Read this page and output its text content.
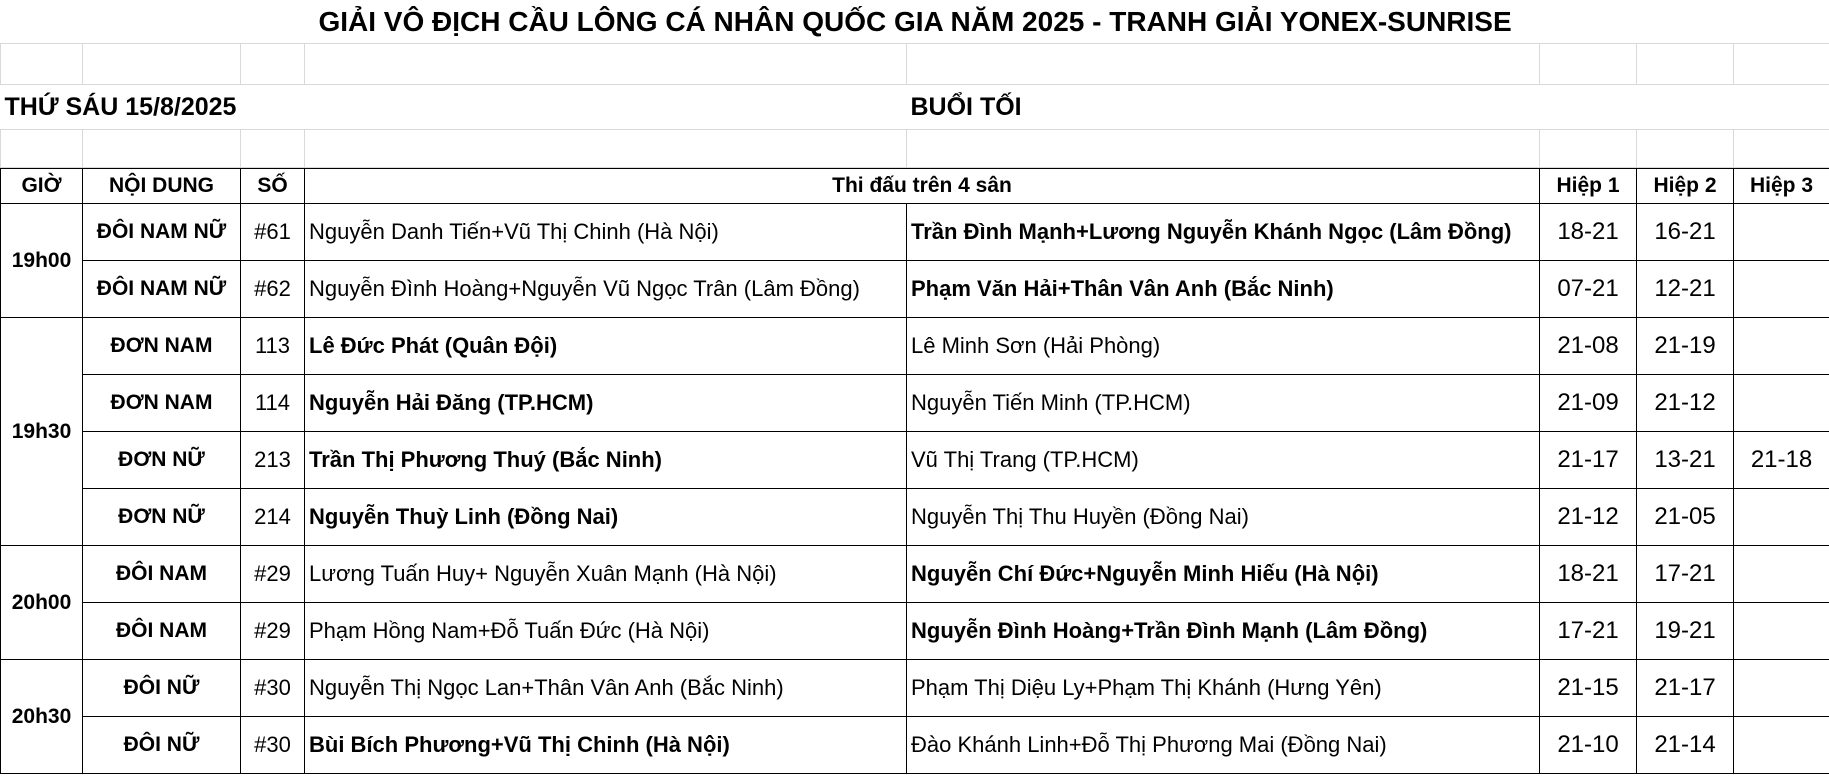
GIẢI VÔ ĐỊCH CẦU LÔNG CÁ NHÂN QUỐC GIA NĂM 2025 - TRANH GIẢI YONEX-SUNRISE							

THỨ SÁU 15/8/2025				BUỔI TỐI			

GIỜ	NỘI DUNG	SỐ	Thi đấu trên 4 sân		Hiệp 1	Hiệp 2	Hiệp 3
19h00	ĐÔI NAM NỮ	#61	Nguyễn Danh Tiến+Vũ Thị Chinh (Hà Nội)	Trần Đình Mạnh+Lương Nguyễn Khánh Ngọc (Lâm Đồng)	18-21	16-21	
	ĐÔI NAM NỮ	#62	Nguyễn Đình Hoàng+Nguyễn Vũ Ngọc Trân (Lâm Đồng)	Phạm Văn Hải+Thân Vân Anh (Bắc Ninh)	07-21	12-21	
19h30	ĐƠN NAM	113	Lê Đức Phát (Quân Đội)	Lê Minh Sơn (Hải Phòng)	21-08	21-19	
	ĐƠN NAM	114	Nguyễn Hải Đăng (TP.HCM)	Nguyễn Tiến Minh (TP.HCM)	21-09	21-12	
	ĐƠN NỮ	213	Trần Thị Phương Thuý (Bắc Ninh)	Vũ Thị Trang (TP.HCM)	21-17	13-21	21-18
	ĐƠN NỮ	214	Nguyễn Thuỳ Linh (Đồng Nai)	Nguyễn Thị Thu Huyền (Đồng Nai)	21-12	21-05	
20h00	ĐÔI NAM	#29	Lương Tuấn Huy+ Nguyễn Xuân Mạnh (Hà Nội)	Nguyễn Chí Đức+Nguyễn Minh Hiếu (Hà Nội)	18-21	17-21	
	ĐÔI NAM	#29	Phạm Hồng Nam+Đỗ Tuấn Đức (Hà Nội)	Nguyễn Đình Hoàng+Trần Đình Mạnh (Lâm Đồng)	17-21	19-21	
20h30	ĐÔI NỮ	#30	Nguyễn Thị Ngọc Lan+Thân Vân Anh (Bắc Ninh)	Phạm Thị Diệu Ly+Phạm Thị Khánh (Hưng Yên)	21-15	21-17	
	ĐÔI NỮ	#30	Bùi Bích Phương+Vũ Thị Chinh (Hà Nội)	Đào Khánh Linh+Đỗ Thị Phương Mai (Đồng Nai)	21-10	21-14	
